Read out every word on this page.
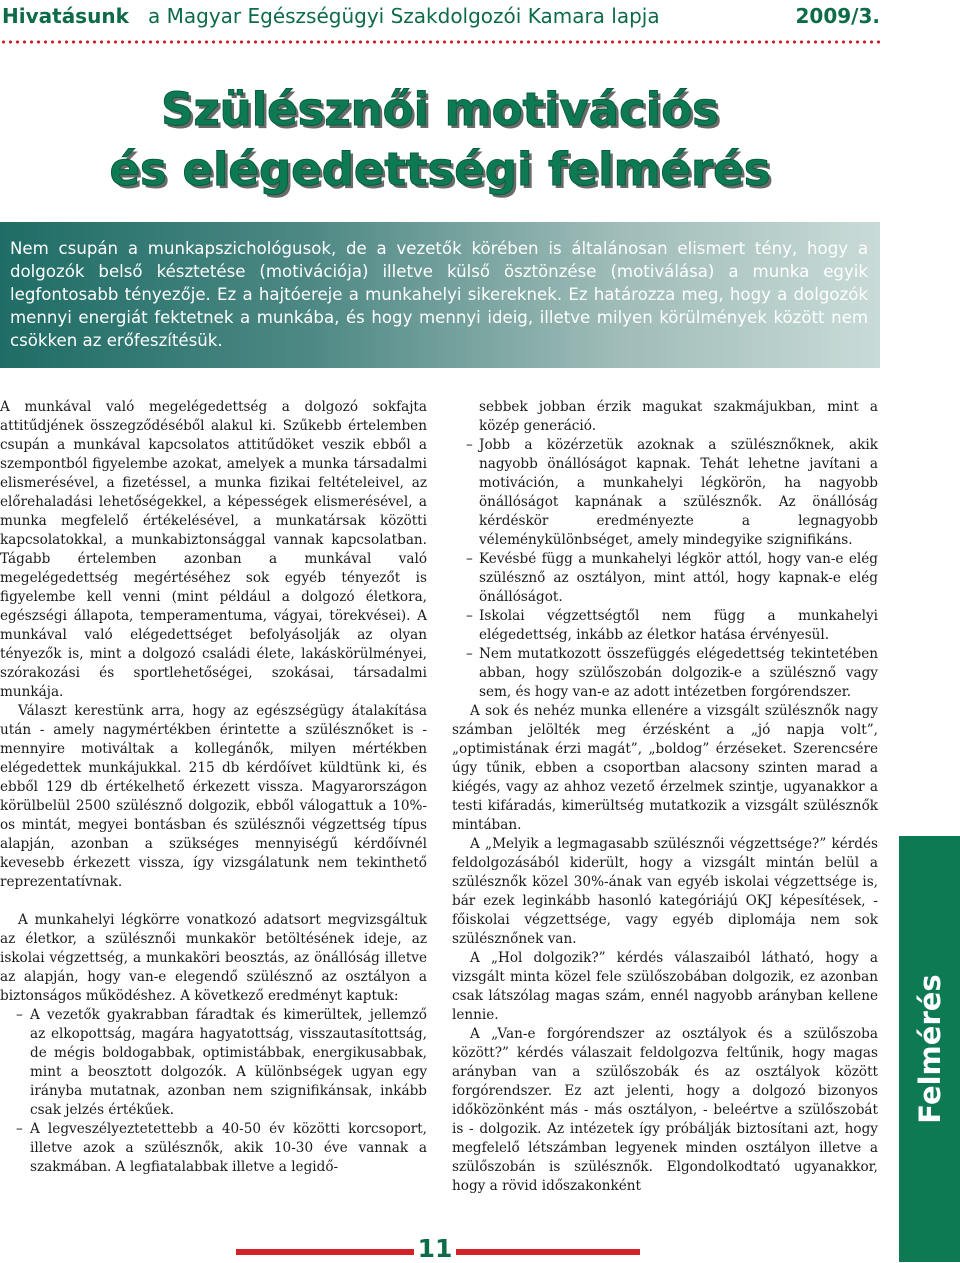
Hivatásunk a Magyar Egészségügyi Szakdolgozói Kamara lapja	2009/3.
Szülésznői motivációs
és elégedettségi felmérés
Nem csupán a munkapszichológusok, de a vezetők körében is általánosan elismert tény, hogy a dolgozók belső késztetése (motivációja) illetve külső ösztönzése (motiválása) a munka egyik legfontosabb tényezője. Ez a hajtóereje a munkahelyi sikereknek. Ez határozza meg, hogy a dolgozók mennyi energiát fektetnek a munkába, és hogy mennyi ideig, illetve milyen körülmények között nem csökken az erőfeszítésük.

A munkával való megelégedettség a dolgozó sokfajta attitűdjének összegződéséből alakul ki. Szűkebb értelemben csupán a munkával kapcsolatos attitűdöket veszik ebből a szempontból figyelembe azokat, amelyek a munka társadalmi elismerésével, a fizetéssel, a munka fizikai feltételeivel, az előrehaladási lehetőségekkel, a képességek elismerésével, a munka megfelelő értékelésével, a munkatársak közötti kapcsolatokkal, a munkabiztonsággal vannak kapcsolatban. Tágabb értelemben azonban a munkával való megelégedettség megértéséhez sok egyéb tényezőt is figyelembe kell venni (mint például a dolgozó életkora, egészségi állapota, temperamentuma, vágyai, törekvései). A munkával való elégedettséget befolyásolják az olyan tényezők is, mint a dolgozó családi élete, lakáskörülményei, szórakozási és sportlehetőségei, szokásai, társadalmi munkája.

Választ kerestünk arra, hogy az egészségügy átalakítása után - amely nagymértékben érintette a szülésznőket is - mennyire motiváltak a kollegánők, milyen mértékben elégedettek munkájukkal. 215 db kérdőívet küldtünk ki, és ebből 129 db értékelhető érkezett vissza. Magyarországon körülbelül 2500 szülésznő dolgozik, ebből válogattuk a 10%-os mintát, megyei bontásban és szülésznői végzettség típus alapján, azonban a szükséges mennyiségű kérdőívnél kevesebb érkezett vissza, így vizsgálatunk nem tekinthető reprezentatívnak.

A munkahelyi légkörre vonatkozó adatsort megvizsgáltuk az életkor, a szülésznői munkakör betöltésének ideje, az iskolai végzettség, a munkaköri beosztás, az önállóság illetve az alapján, hogy van-e elegendő szülésznő az osztályon a biztonságos működéshez. A következő eredményt kaptuk:

– A vezetők gyakrabban fáradtak és kimerültek, jellemző az elkopottság, magára hagyatottság, visszautasítottság, de mégis boldogabbak, optimistábbak, energikusabbak, mint a beosztott dolgozók. A különbségek ugyan egy irányba mutatnak, azonban nem szignifikánsak, inkább csak jelzés értékűek.
– A legveszélyeztetettebb a 40-50 év közötti korcsoport, illetve azok a szülésznők, akik 10-30 éve vannak a szakmában. A legfiatalabbak illetve a legidő-
sebbek jobban érzik magukat szakmájukban, mint a közép generáció.
– Jobb a közérzetük azoknak a szülésznőknek, akik nagyobb önállóságot kapnak. Tehát lehetne javítani a motiváción, a munkahelyi légkörön, ha nagyobb önállóságot kapnának a szülésznők. Az önállóság kérdéskör eredményezte a legnagyobb véleménykülönbséget, amely mindegyike szignifikáns.
– Kevésbé függ a munkahelyi légkör attól, hogy van-e elég szülésznő az osztályon, mint attól, hogy kapnak-e elég önállóságot.
– Iskolai végzettségtől nem függ a munkahelyi elégedettség, inkább az életkor hatása érvényesül.
– Nem mutatkozott összefüggés elégedettség tekintetében abban, hogy szülőszobán dolgozik-e a szülésznő vagy sem, és hogy van-e az adott intézetben forgórendszer.

A sok és nehéz munka ellenére a vizsgált szülésznők nagy számban jelölték meg érzésként a „jó napja volt”, „optimistának érzi magát”, „boldog” érzéseket. Szerencsére úgy tűnik, ebben a csoportban alacsony szinten marad a kiégés, vagy az ahhoz vezető érzelmek szintje, ugyanakkor a testi kifáradás, kimerültség mutatkozik a vizsgált szülésznők mintában.

A „Melyik a legmagasabb szülésznői végzettsége?” kérdés feldolgozásából kiderült, hogy a vizsgált mintán belül a szülésznők közel 30%-ának van egyéb iskolai végzettsége is, bár ezek leginkább hasonló kategóriájú OKJ képesítések, - főiskolai végzettsége, vagy egyéb diplomája nem sok szülésznőnek van.

A „Hol dolgozik?” kérdés válaszaiból látható, hogy a vizsgált minta közel fele szülőszobában dolgozik, ez azonban csak látszólag magas szám, ennél nagyobb arányban kellene lennie.

A „Van-e forgórendszer az osztályok és a szülőszoba között?” kérdés válaszait feldolgozva feltűnik, hogy magas arányban van a szülőszobák és az osztályok között forgórendszer. Ez azt jelenti, hogy a dolgozó bizonyos időközönként más - más osztályon, - beleértve a szülőszobát is - dolgozik. Az intézetek így próbálják biztosítani azt, hogy megfelelő létszámban legyenek minden osztályon illetve a szülőszobán is szülésznők. Elgondolkodtató ugyanakkor, hogy a rövid időszakonként

Felmérés
11
